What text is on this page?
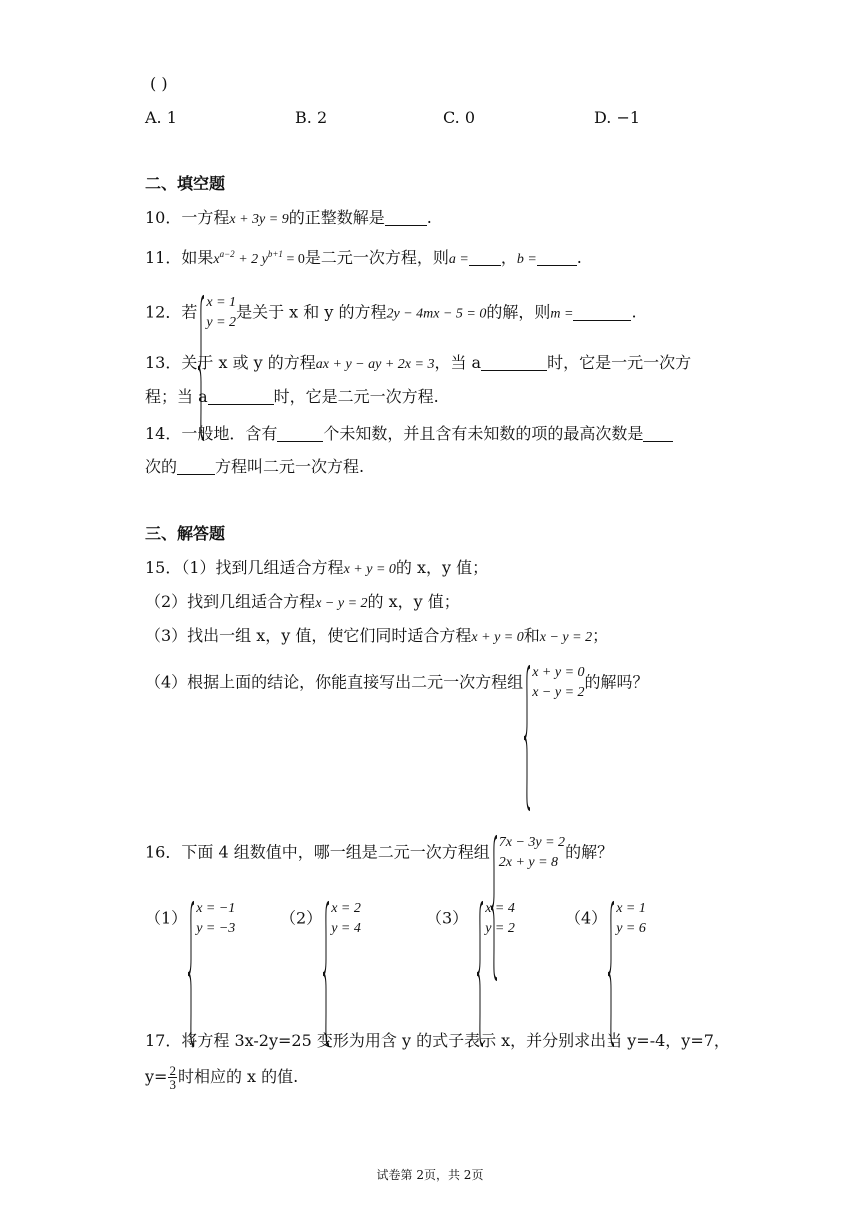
( )
A. 1	B. 2	C. 0	D. −1
二、填空题
10．一方程x + 3y = 9的正整数解是	.
11．如果$x^{a-2} + 2$ $y^{b+1} = 0$是二元一次方程，则a = ，b =	.
12．若 x = 1
y = 2
是关于 x 和 y 的方程2y − 4mx − 5 = 0的解，则m =	.
13．关于 x 或 y 的方程ax + y − ay + 2x = 3，当 a	时，它是一元一次方
程；当 a	时，它是二元一次方程.
14．一般地．含有	个未知数，并且含有未知数的项的最高次数是
次的 方程叫二元一次方程.
三、解答题
15．（1）找到几组适合方程x + y = 0的 x，y 值；
（2）找到几组适合方程x − y = 2的 x，y 值；
（3）找出一组 x，y 值，使它们同时适合方程x + y = 0和x − y = 2；
（4）根据上面的结论，你能直接写出二元一次方程组 x + y = 0
x − y = 2
的解吗？
16．下面 4 组数值中，哪一组是二元一次方程组 7x − 3y = 2
2x + y = 8
的解？
（1） x = −1
y = −3
（2） x = 2
y = 4
（3） x = 4
y = 2
（4） x = 1
y = 6
17．将方程 3x-2y=25 变形为用含 y 的式子表示 x，并分别求出当 y=-4，y=7，
$y= \frac{2}{3}$ 时相应的 x 的值.
试卷第 2页，共 2页
